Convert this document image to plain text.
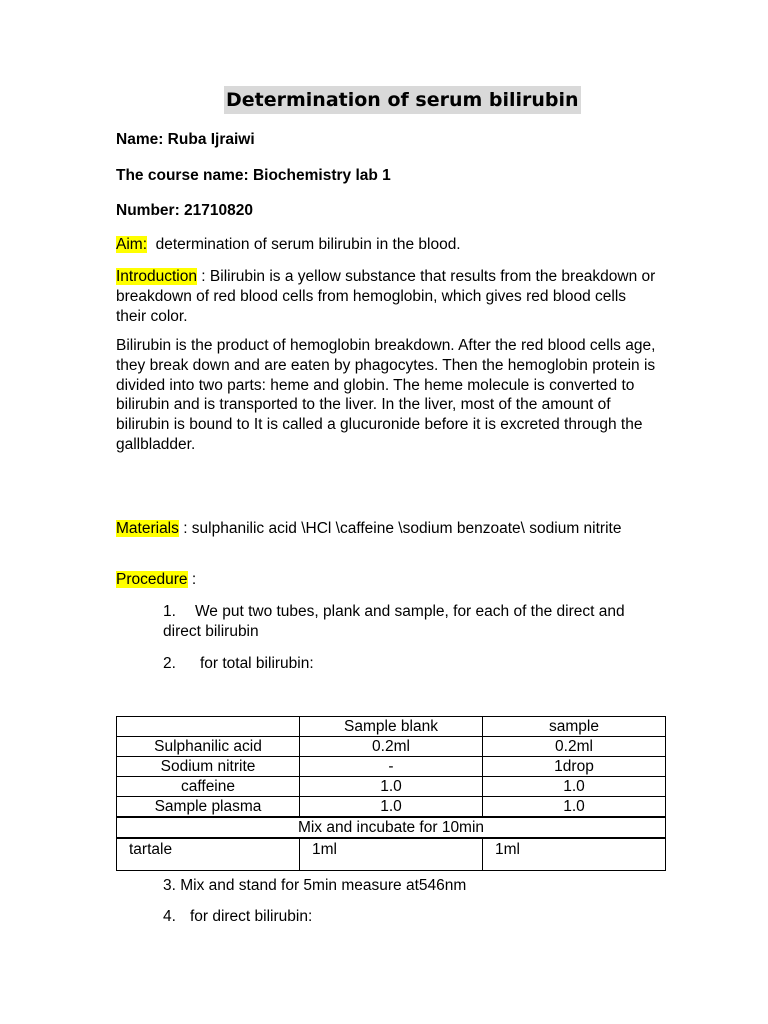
Determination of serum bilirubin
Name: Ruba Ijraiwi
The course name: Biochemistry lab 1
Number: 21710820
Aim:  determination of serum bilirubin in the blood.
Introduction : Bilirubin is a yellow substance that results from the breakdown or breakdown of red blood cells from hemoglobin, which gives red blood cells their color.
Bilirubin is the product of hemoglobin breakdown. After the red blood cells age, they break down and are eaten by phagocytes. Then the hemoglobin protein is divided into two parts: heme and globin. The heme molecule is converted to bilirubin and is transported to the liver. In the liver, most of the amount of bilirubin is bound to It is called a glucuronide before it is excreted through the gallbladder.
Materials : sulphanilic acid \HCl \caffeine \sodium benzoate\ sodium nitrite
Procedure :
1. We put two tubes, plank and sample, for each of the direct and direct bilirubin
2. for total bilirubin:
	Sample blank	sample
Sulphanilic acid	0.2ml	0.2ml
Sodium nitrite	-	1drop
caffeine	1.0	1.0
Sample plasma	1.0	1.0
Mix and incubate for 10min		
tartale	1ml	1ml
3. Mix and stand for 5min measure at546nm
4. for direct bilirubin:
